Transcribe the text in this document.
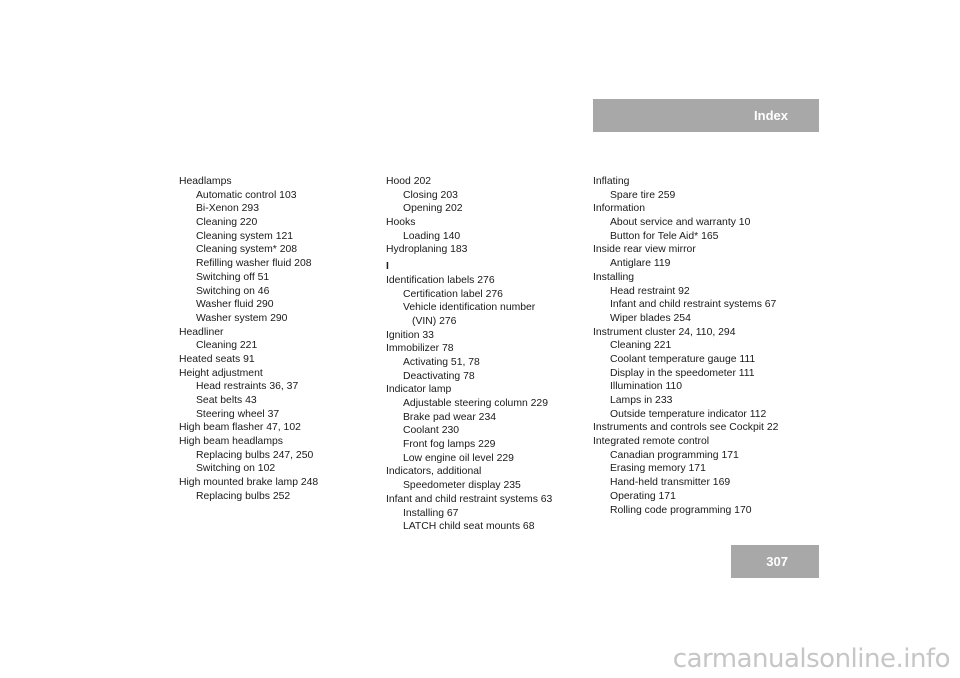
Index
Headlamps
Automatic control 103
Bi-Xenon 293
Cleaning 220
Cleaning system 121
Cleaning system* 208
Refilling washer fluid 208
Switching off 51
Switching on 46
Washer fluid 290
Washer system 290
Headliner
Cleaning 221
Heated seats 91
Height adjustment
Head restraints 36, 37
Seat belts 43
Steering wheel 37
High beam flasher 47, 102
High beam headlamps
Replacing bulbs 247, 250
Switching on 102
High mounted brake lamp 248
Replacing bulbs 252
Hood 202
Closing 203
Opening 202
Hooks
Loading 140
Hydroplaning 183
I
Identification labels 276
Certification label 276
Vehicle identification number
(VIN) 276
Ignition 33
Immobilizer 78
Activating 51, 78
Deactivating 78
Indicator lamp
Adjustable steering column 229
Brake pad wear 234
Coolant 230
Front fog lamps 229
Low engine oil level 229
Indicators, additional
Speedometer display 235
Infant and child restraint systems 63
Installing 67
LATCH child seat mounts 68
Inflating
Spare tire 259
Information
About service and warranty 10
Button for Tele Aid* 165
Inside rear view mirror
Antiglare 119
Installing
Head restraint 92
Infant and child restraint systems 67
Wiper blades 254
Instrument cluster 24, 110, 294
Cleaning 221
Coolant temperature gauge 111
Display in the speedometer 111
Illumination 110
Lamps in 233
Outside temperature indicator 112
Instruments and controls see Cockpit 22
Integrated remote control
Canadian programming 171
Erasing memory 171
Hand-held transmitter 169
Operating 171
Rolling code programming 170
307
carmanualsonline.info
